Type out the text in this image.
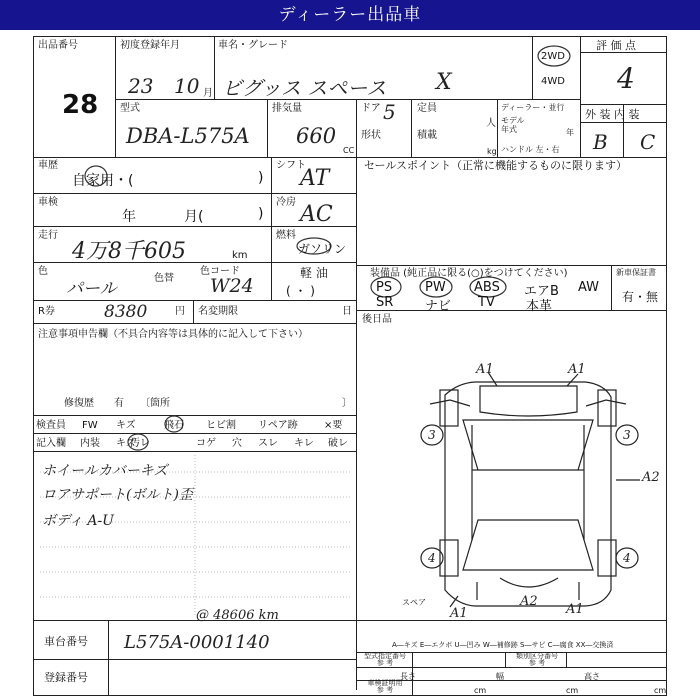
ディーラー出品車
出品番号
28
初度登録年月
23 10 月
車名・グレード
ビグッス スペース X
2WD
4WD
評 価 点
4
型式
DBA-L575A
排気量
660
CC
ドア 5 定員
人
形状	積載
kg
ディーラー・並行
モデル
年式	年
ハンドル 左・右
外 装 内 装
B C
車歴
自家用・(	)
シフト
AT
セールスポイント（正常に機能するものに限ります）
車検
年	月(	)
冷房 AC
走行
4万8千605	km
燃料
ガソリン
軽 油
( ・ )
色
パール
色替
色コード
W24
装備品 (純正品に限る(○)をつけてください)
PS	PW ABS エアB AW
SR ナビ TV 本革
新車保証書
有・無
R券	8380	円 名変期限	日
後日品
注意事項申告欄（不具合内容等は具体的に記入して下さい）
修復歴 有 〔箇所	〕
検査員
記入欄
FW キズ	飛石 ヒビ割 リペア跡	×要
内装 キズ
汚レ	コゲ 穴 スレ キレ 破レ
ホイールカバーキズ
ロアサポート(ボルト)歪
ボディ A-U
@ 48606 km
A1	A1
3	3
A2
4	4
A1
A2
A1
スペア
A―キズ E―エクボ U―凹み W―補修跡 S―サビ C―腐食 XX―交換済
車台番号 L575A-0001140
登録番号
型式指定番号
参 考
類別区分番号
参 考
車検証明用
参 考
長さ
cm
幅
cm
高さ
cm
